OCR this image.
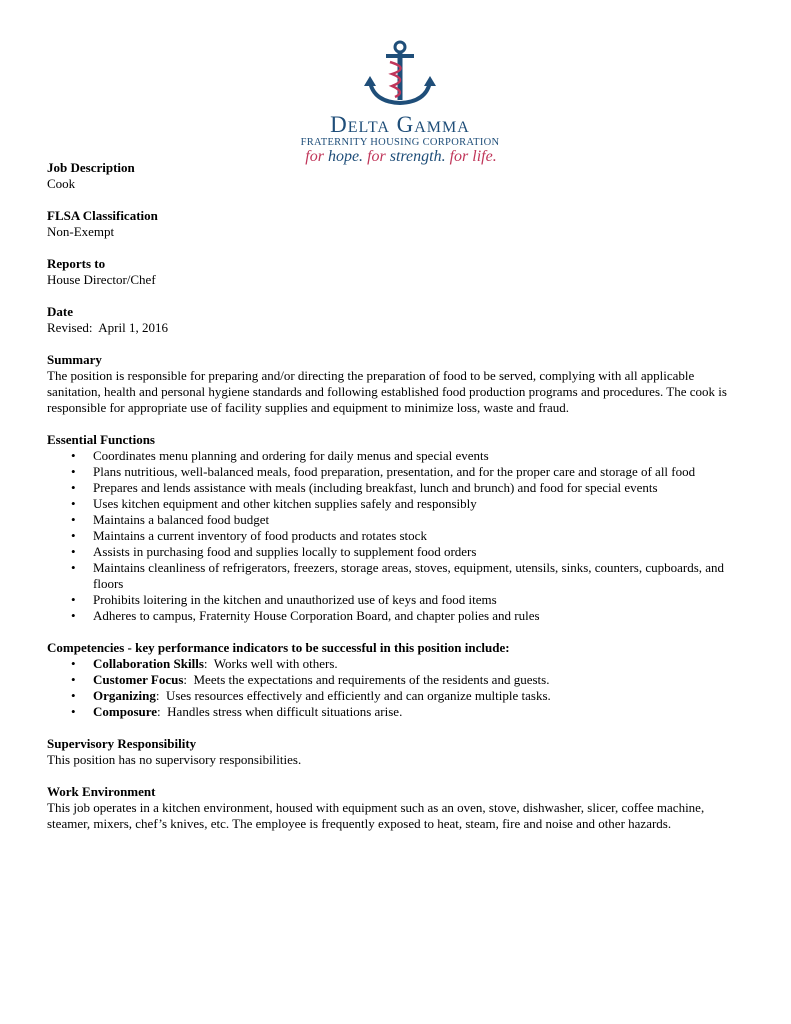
Delta Gamma
FRATERNITY HOUSING CORPORATION
for hope. for strength. for life.
Job Description
Cook
FLSA Classification
Non-Exempt
Reports to
House Director/Chef
Date
Revised:  April 1, 2016
Summary

The position is responsible for preparing and/or directing the preparation of food to be served, complying with all applicable sanitation, health and personal hygiene standards and following established food production programs and procedures. The cook is responsible for appropriate use of facility supplies and equipment to minimize loss, waste and fraud.

Essential Functions
• Coordinates menu planning and ordering for daily menus and special events
• Plans nutritious, well-balanced meals, food preparation, presentation, and for the proper care and storage of all food
• Prepares and lends assistance with meals (including breakfast, lunch and brunch) and food for special events
• Uses kitchen equipment and other kitchen supplies safely and responsibly
• Maintains a balanced food budget
• Maintains a current inventory of food products and rotates stock
• Assists in purchasing food and supplies locally to supplement food orders
• Maintains cleanliness of refrigerators, freezers, storage areas, stoves, equipment, utensils, sinks, counters, cupboards, and floors
• Prohibits loitering in the kitchen and unauthorized use of keys and food items
• Adheres to campus, Fraternity House Corporation Board, and chapter polies and rules
Competencies - key performance indicators to be successful in this position include:
• Collaboration Skills:  Works well with others.
• Customer Focus:  Meets the expectations and requirements of the residents and guests.
• Organizing:  Uses resources effectively and efficiently and can organize multiple tasks.
• Composure:  Handles stress when difficult situations arise.
Supervisory Responsibility

This position has no supervisory responsibilities.

Work Environment

This job operates in a kitchen environment, housed with equipment such as an oven, stove, dishwasher, slicer, coffee machine, steamer, mixers, chef’s knives, etc. The employee is frequently exposed to heat, steam, fire and noise and other hazards.
